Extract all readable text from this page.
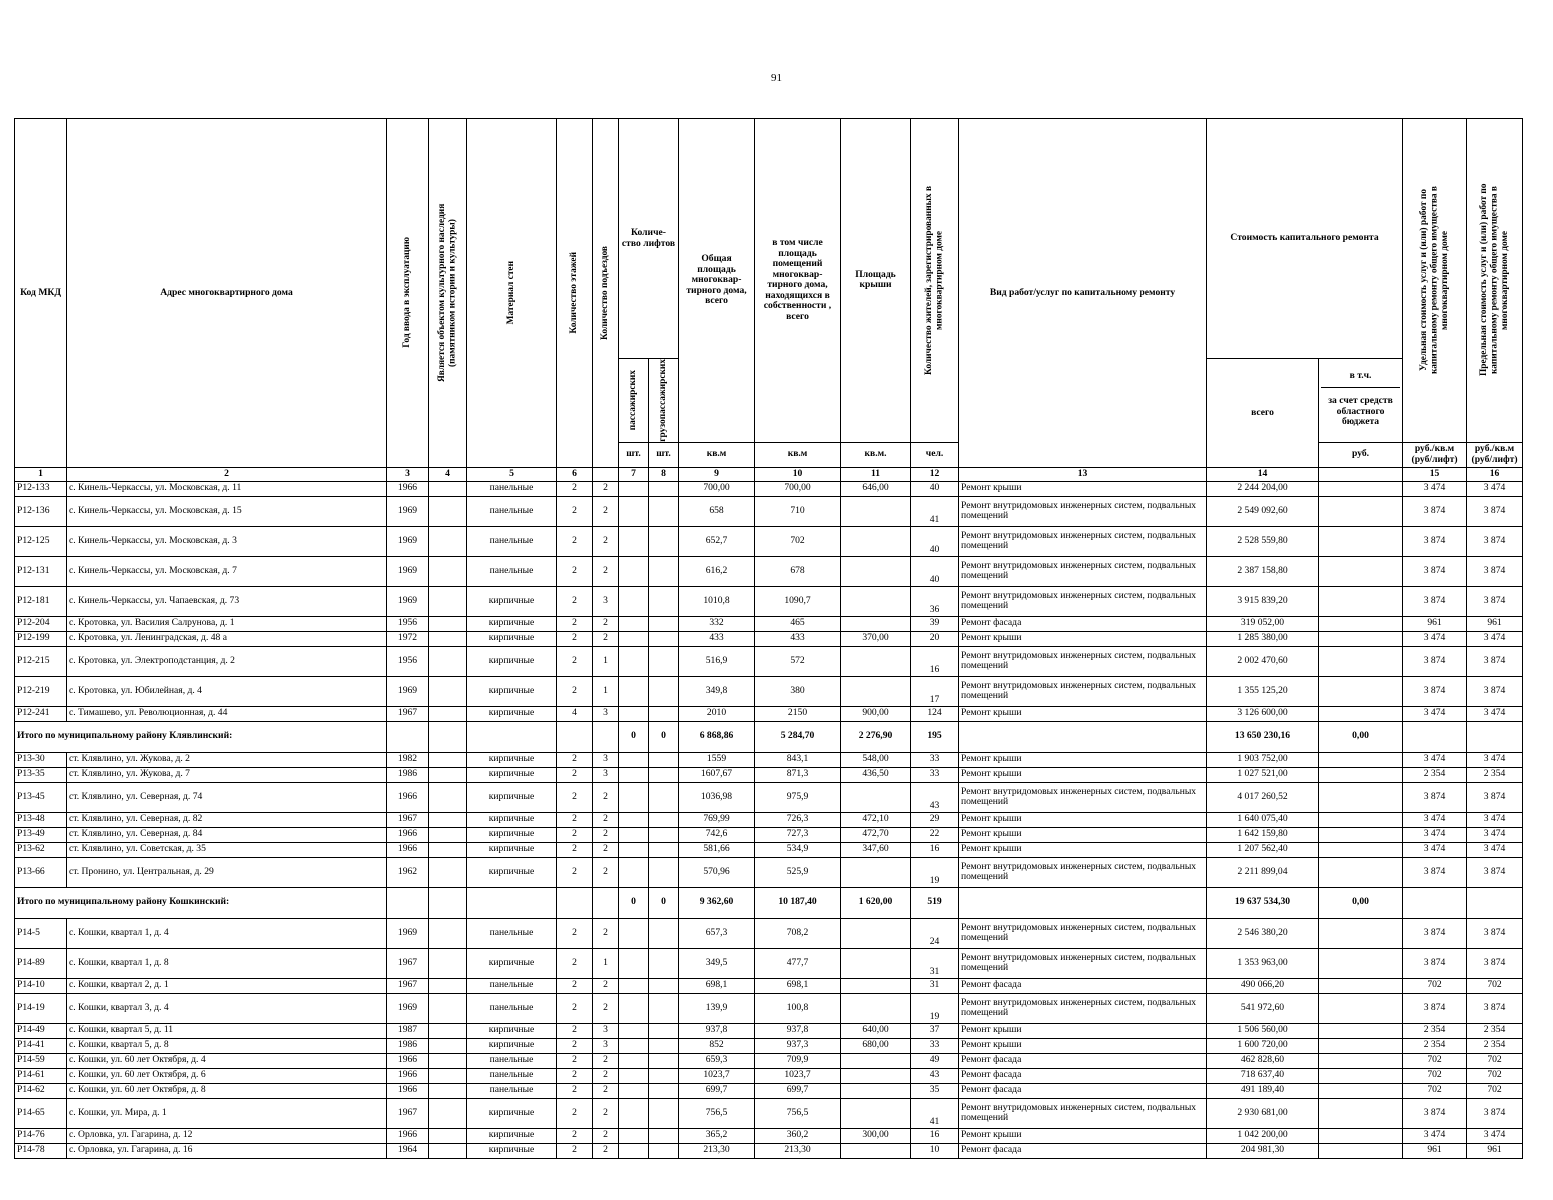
91
Код МКД	Адрес многоквартирного дома	Год ввода в эксплуатацию	Является объектом культурного наследия (памятником истории и культуры)	Материал стен	Количество этажей	Количество подъездов	Количе- ство лифтов		Общая площадь многоквар- тирного дома, всего	в том числе площадь помещений многоквар- тирного дома, находящихся в собственности , всего	Площадь крыши	Количество жителей, зарегистрированных в многоквартирном доме	Вид работ/услуг по капитальному ремонту	Стоимость капитального ремонта		Удельная стоимость услуг и (или) работ по капитальному ремонту общего имущества в многоквартирном доме	Предельная стоимость услуг и (или) работ по капитальному ремонту общего имущества в многоквартирном доме

							пассажирских	грузопассажирских						всего	в т.ч.
за счет средств областного бюджета		

							шт.	шт.	кв.м	кв.м	кв.м.	чел.			руб.	руб./кв.м (руб/лифт)	руб./кв.м (руб/лифт)
1	2	3	4	5	6		7	8	9	10	11	12	13	14		15	16
P12-133	с. Кинель-Черкассы, ул. Московская, д. 11	1966		панельные	2	2			700,00	700,00	646,00	40	Ремонт крыши	2 244 204,00		3 474	3 474
P12-136	с. Кинель-Черкассы, ул. Московская, д. 15	1969		панельные	2	2			658	710		41	Ремонт внутридомовых инженерных систем, подвальных помещений	2 549 092,60		3 874	3 874
P12-125	с. Кинель-Черкассы, ул. Московская, д. 3	1969		панельные	2	2			652,7	702		40	Ремонт внутридомовых инженерных систем, подвальных помещений	2 528 559,80		3 874	3 874
P12-131	с. Кинель-Черкассы, ул. Московская, д. 7	1969		панельные	2	2			616,2	678		40	Ремонт внутридомовых инженерных систем, подвальных помещений	2 387 158,80		3 874	3 874
P12-181	с. Кинель-Черкассы, ул. Чапаевская, д. 73	1969		кирпичные	2	3			1010,8	1090,7		36	Ремонт внутридомовых инженерных систем, подвальных помещений	3 915 839,20		3 874	3 874
P12-204	с. Кротовка, ул. Василия Салрунова, д. 1	1956		кирпичные	2	2			332	465		39	Ремонт фасада	319 052,00		961	961
P12-199	с. Кротовка, ул. Ленинградская, д. 48 а	1972		кирпичные	2	2			433	433	370,00	20	Ремонт крыши	1 285 380,00		3 474	3 474
P12-215	с. Кротовка, ул. Электроподстанция, д. 2	1956		кирпичные	2	1			516,9	572		16	Ремонт внутридомовых инженерных систем, подвальных помещений	2 002 470,60		3 874	3 874
P12-219	с. Кротовка, ул. Юбилейная, д. 4	1969		кирпичные	2	1			349,8	380		17	Ремонт внутридомовых инженерных систем, подвальных помещений	1 355 125,20		3 874	3 874
P12-241	с. Тимашево, ул. Революционная, д. 44	1967		кирпичные	4	3			2010	2150	900,00	124	Ремонт крыши	3 126 600,00		3 474	3 474
Итого по муниципальному району Клявлинский:							0	0	6 868,86	5 284,70	2 276,90	195		13 650 230,16	0,00		
P13-30	ст. Клявлино, ул. Жукова, д. 2	1982		кирпичные	2	3			1559	843,1	548,00	33	Ремонт крыши	1 903 752,00		3 474	3 474
P13-35	ст. Клявлино, ул. Жукова, д. 7	1986		кирпичные	2	3			1607,67	871,3	436,50	33	Ремонт крыши	1 027 521,00		2 354	2 354
P13-45	ст. Клявлино, ул. Северная, д. 74	1966		кирпичные	2	2			1036,98	975,9		43	Ремонт внутридомовых инженерных систем, подвальных помещений	4 017 260,52		3 874	3 874
P13-48	ст. Клявлино, ул. Северная, д. 82	1967		кирпичные	2	2			769,99	726,3	472,10	29	Ремонт крыши	1 640 075,40		3 474	3 474
P13-49	ст. Клявлино, ул. Северная, д. 84	1966		кирпичные	2	2			742,6	727,3	472,70	22	Ремонт крыши	1 642 159,80		3 474	3 474
P13-62	ст. Клявлино, ул. Советская, д. 35	1966		кирпичные	2	2			581,66	534,9	347,60	16	Ремонт крыши	1 207 562,40		3 474	3 474
P13-66	ст. Пронино, ул. Центральная, д. 29	1962		кирпичные	2	2			570,96	525,9		19	Ремонт внутридомовых инженерных систем, подвальных помещений	2 211 899,04		3 874	3 874
Итого по муниципальному району Кошкинский:							0	0	9 362,60	10 187,40	1 620,00	519		19 637 534,30	0,00		
P14-5	с. Кошки, квартал 1, д. 4	1969		панельные	2	2			657,3	708,2		24	Ремонт внутридомовых инженерных систем, подвальных помещений	2 546 380,20		3 874	3 874
P14-89	с. Кошки, квартал 1, д. 8	1967		кирпичные	2	1			349,5	477,7		31	Ремонт внутридомовых инженерных систем, подвальных помещений	1 353 963,00		3 874	3 874
P14-10	с. Кошки, квартал 2, д. 1	1967		панельные	2	2			698,1	698,1		31	Ремонт фасада	490 066,20		702	702
P14-19	с. Кошки, квартал 3, д. 4	1969		панельные	2	2			139,9	100,8		19	Ремонт внутридомовых инженерных систем, подвальных помещений	541 972,60		3 874	3 874
P14-49	с. Кошки, квартал 5, д. 11	1987		кирпичные	2	3			937,8	937,8	640,00	37	Ремонт крыши	1 506 560,00		2 354	2 354
P14-41	с. Кошки, квартал 5, д. 8	1986		кирпичные	2	3			852	937,3	680,00	33	Ремонт крыши	1 600 720,00		2 354	2 354
P14-59	с. Кошки, ул. 60 лет Октября, д. 4	1966		панельные	2	2			659,3	709,9		49	Ремонт фасада	462 828,60		702	702
P14-61	с. Кошки, ул. 60 лет Октября, д. 6	1966		панельные	2	2			1023,7	1023,7		43	Ремонт фасада	718 637,40		702	702
P14-62	с. Кошки, ул. 60 лет Октября, д. 8	1966		панельные	2	2			699,7	699,7		35	Ремонт фасада	491 189,40		702	702
P14-65	с. Кошки, ул. Мира, д. 1	1967		кирпичные	2	2			756,5	756,5		41	Ремонт внутридомовых инженерных систем, подвальных помещений	2 930 681,00		3 874	3 874
P14-76	с. Орловка, ул. Гагарина, д. 12	1966		кирпичные	2	2			365,2	360,2	300,00	16	Ремонт крыши	1 042 200,00		3 474	3 474
P14-78	с. Орловка, ул. Гагарина, д. 16	1964		кирпичные	2	2			213,30	213,30		10	Ремонт фасада	204 981,30		961	961
